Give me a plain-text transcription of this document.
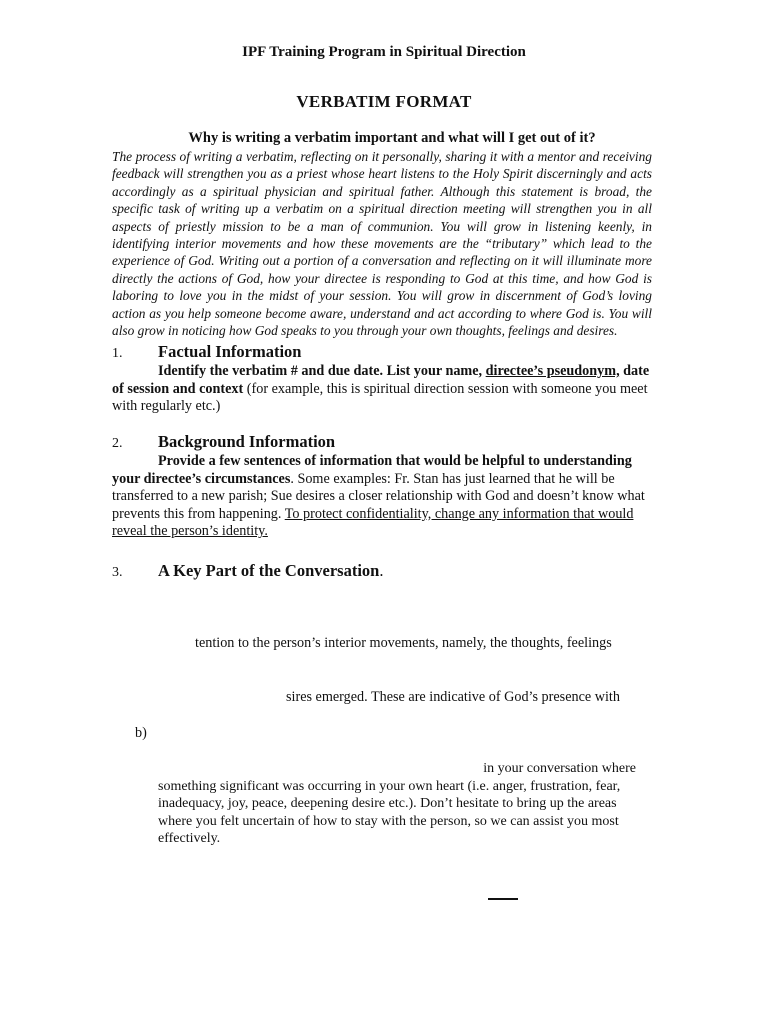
IPF Training Program in Spiritual Direction
VERBATIM FORMAT
Why is writing a verbatim important and what will I get out of it?
The process of writing a verbatim, reflecting on it personally, sharing it with a mentor and receiving feedback will strengthen you as a priest whose heart listens to the Holy Spirit discerningly and acts accordingly as a spiritual physician and spiritual father. Although this statement is broad, the specific task of writing up a verbatim on a spiritual direction meeting will strengthen you in all aspects of priestly mission to be a man of communion. You will grow in listening keenly, in identifying interior movements and how these movements are the “tributary” which lead to the experience of God. Writing out a portion of a conversation and reflecting on it will illuminate more directly the actions of God, how your directee is responding to God at this time, and how God is laboring to love you in the midst of your session. You will grow in discernment of God’s loving action as you help someone become aware, understand and act according to where God is. You will also grow in noticing how God speaks to you through your own thoughts, feelings and desires.
1. Factual Information
Identify the verbatim # and due date. List your name, directee’s pseudonym, date of session and context (for example, this is spiritual direction session with someone you meet with regularly etc.)
2. Background Information
Provide a few sentences of information that would be helpful to understanding your directee’s circumstances. Some examples: Fr. Stan has just learned that he will be transferred to a new parish; Sue desires a closer relationship with God and doesn’t know what prevents this from happening. To protect confidentiality, change any information that would reveal the person’s identity.
3. A Key Part of the Conversation.
tention to the person’s interior movements, namely, the thoughts, feelings
sires emerged. These are indicative of God’s presence with
b)
in your conversation where
something significant was occurring in your own heart (i.e. anger, frustration, fear, inadequacy, joy, peace, deepening desire etc.). Don’t hesitate to bring up the areas where you felt uncertain of how to stay with the person, so we can assist you most effectively.
